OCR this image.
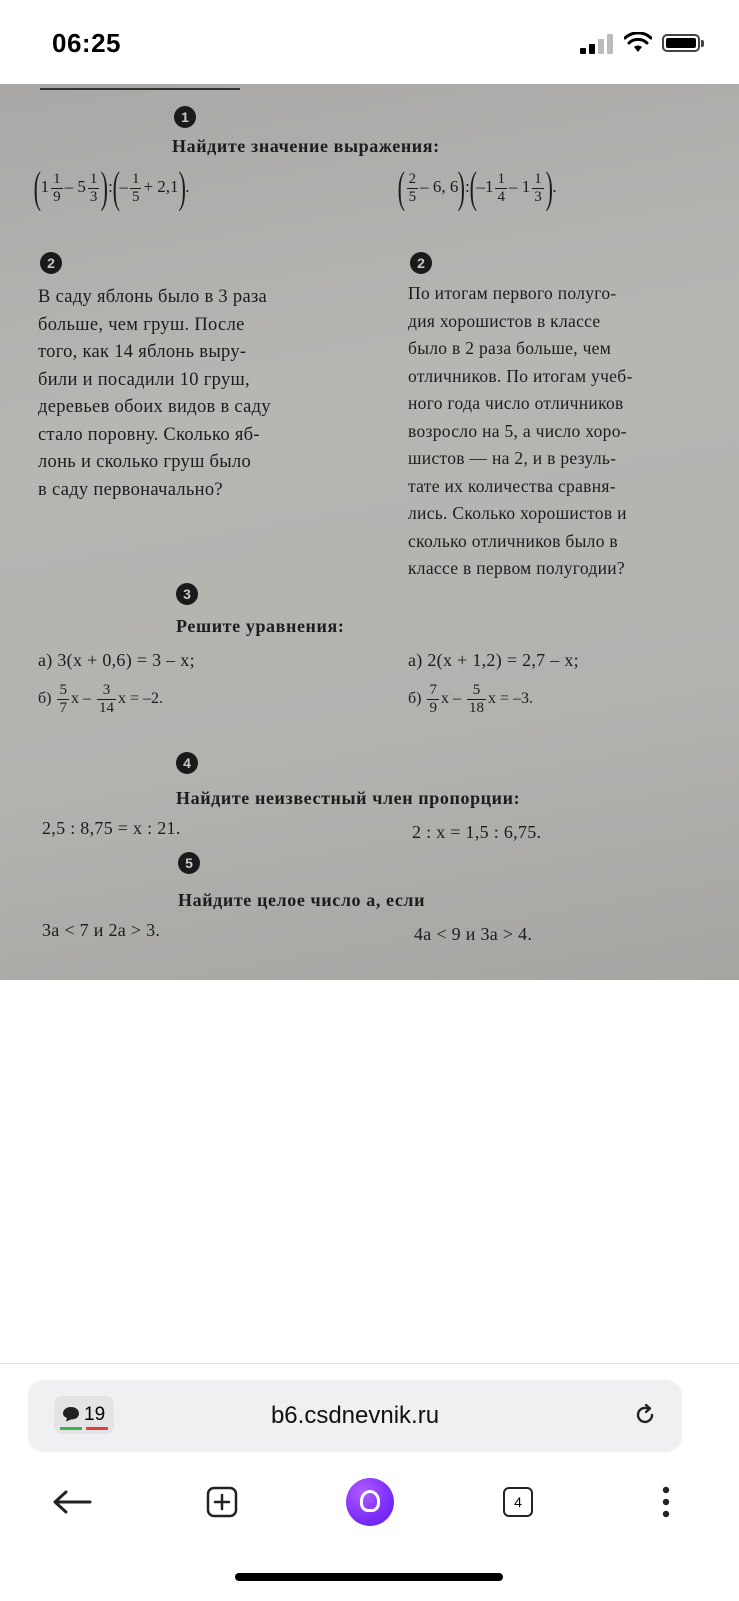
06:25
1
Найдите значение выражения:
($1 \frac{1}{9} - 5 \frac{1}{3}$ ):(– $\frac{1}{5} + 2,1$).	( $\frac{2}{5} - 6$, 6):(–1 $\frac{1}{4} - 1 \frac{1}{3}$ ).
2	2
В саду яблонь было в 3 раза
больше, чем груш. После
того, как 14 яблонь выру-
били и посадили 10 груш,
деревьев обоих видов в саду
стало поровну. Сколько яб-
лонь и сколько груш было
в саду первоначально?
По итогам первого полуго-
дия хорошистов в классе
было в 2 раза больше, чем
отличников. По итогам учеб-
ного года число отличников
возросло на 5, а число хоро-
шистов — на 2, и в резуль-
тате их количества сравня-
лись. Сколько хорошистов и
сколько отличников было в
классе в первом полугодии?
3
Решите уравнения:
а) 3(x + 0,6) = 3 – x;	а) 2(x + 1,2) = 2,7 – x;
$б) \frac{5}{7}$ x – $\frac{3}{14}$ x = –2.	$б) \frac{7}{9}$ x – $\frac{5}{18}$ x = –3.
4
Найдите неизвестный член пропорции:
2,5 : 8,75 = x : 21.	2 : x = 1,5 : 6,75.
5
Найдите целое число a, если
3a < 7 и 2a > 3.	4a < 9 и 3a > 4.
19	b6.csdnevnik.ru
4
